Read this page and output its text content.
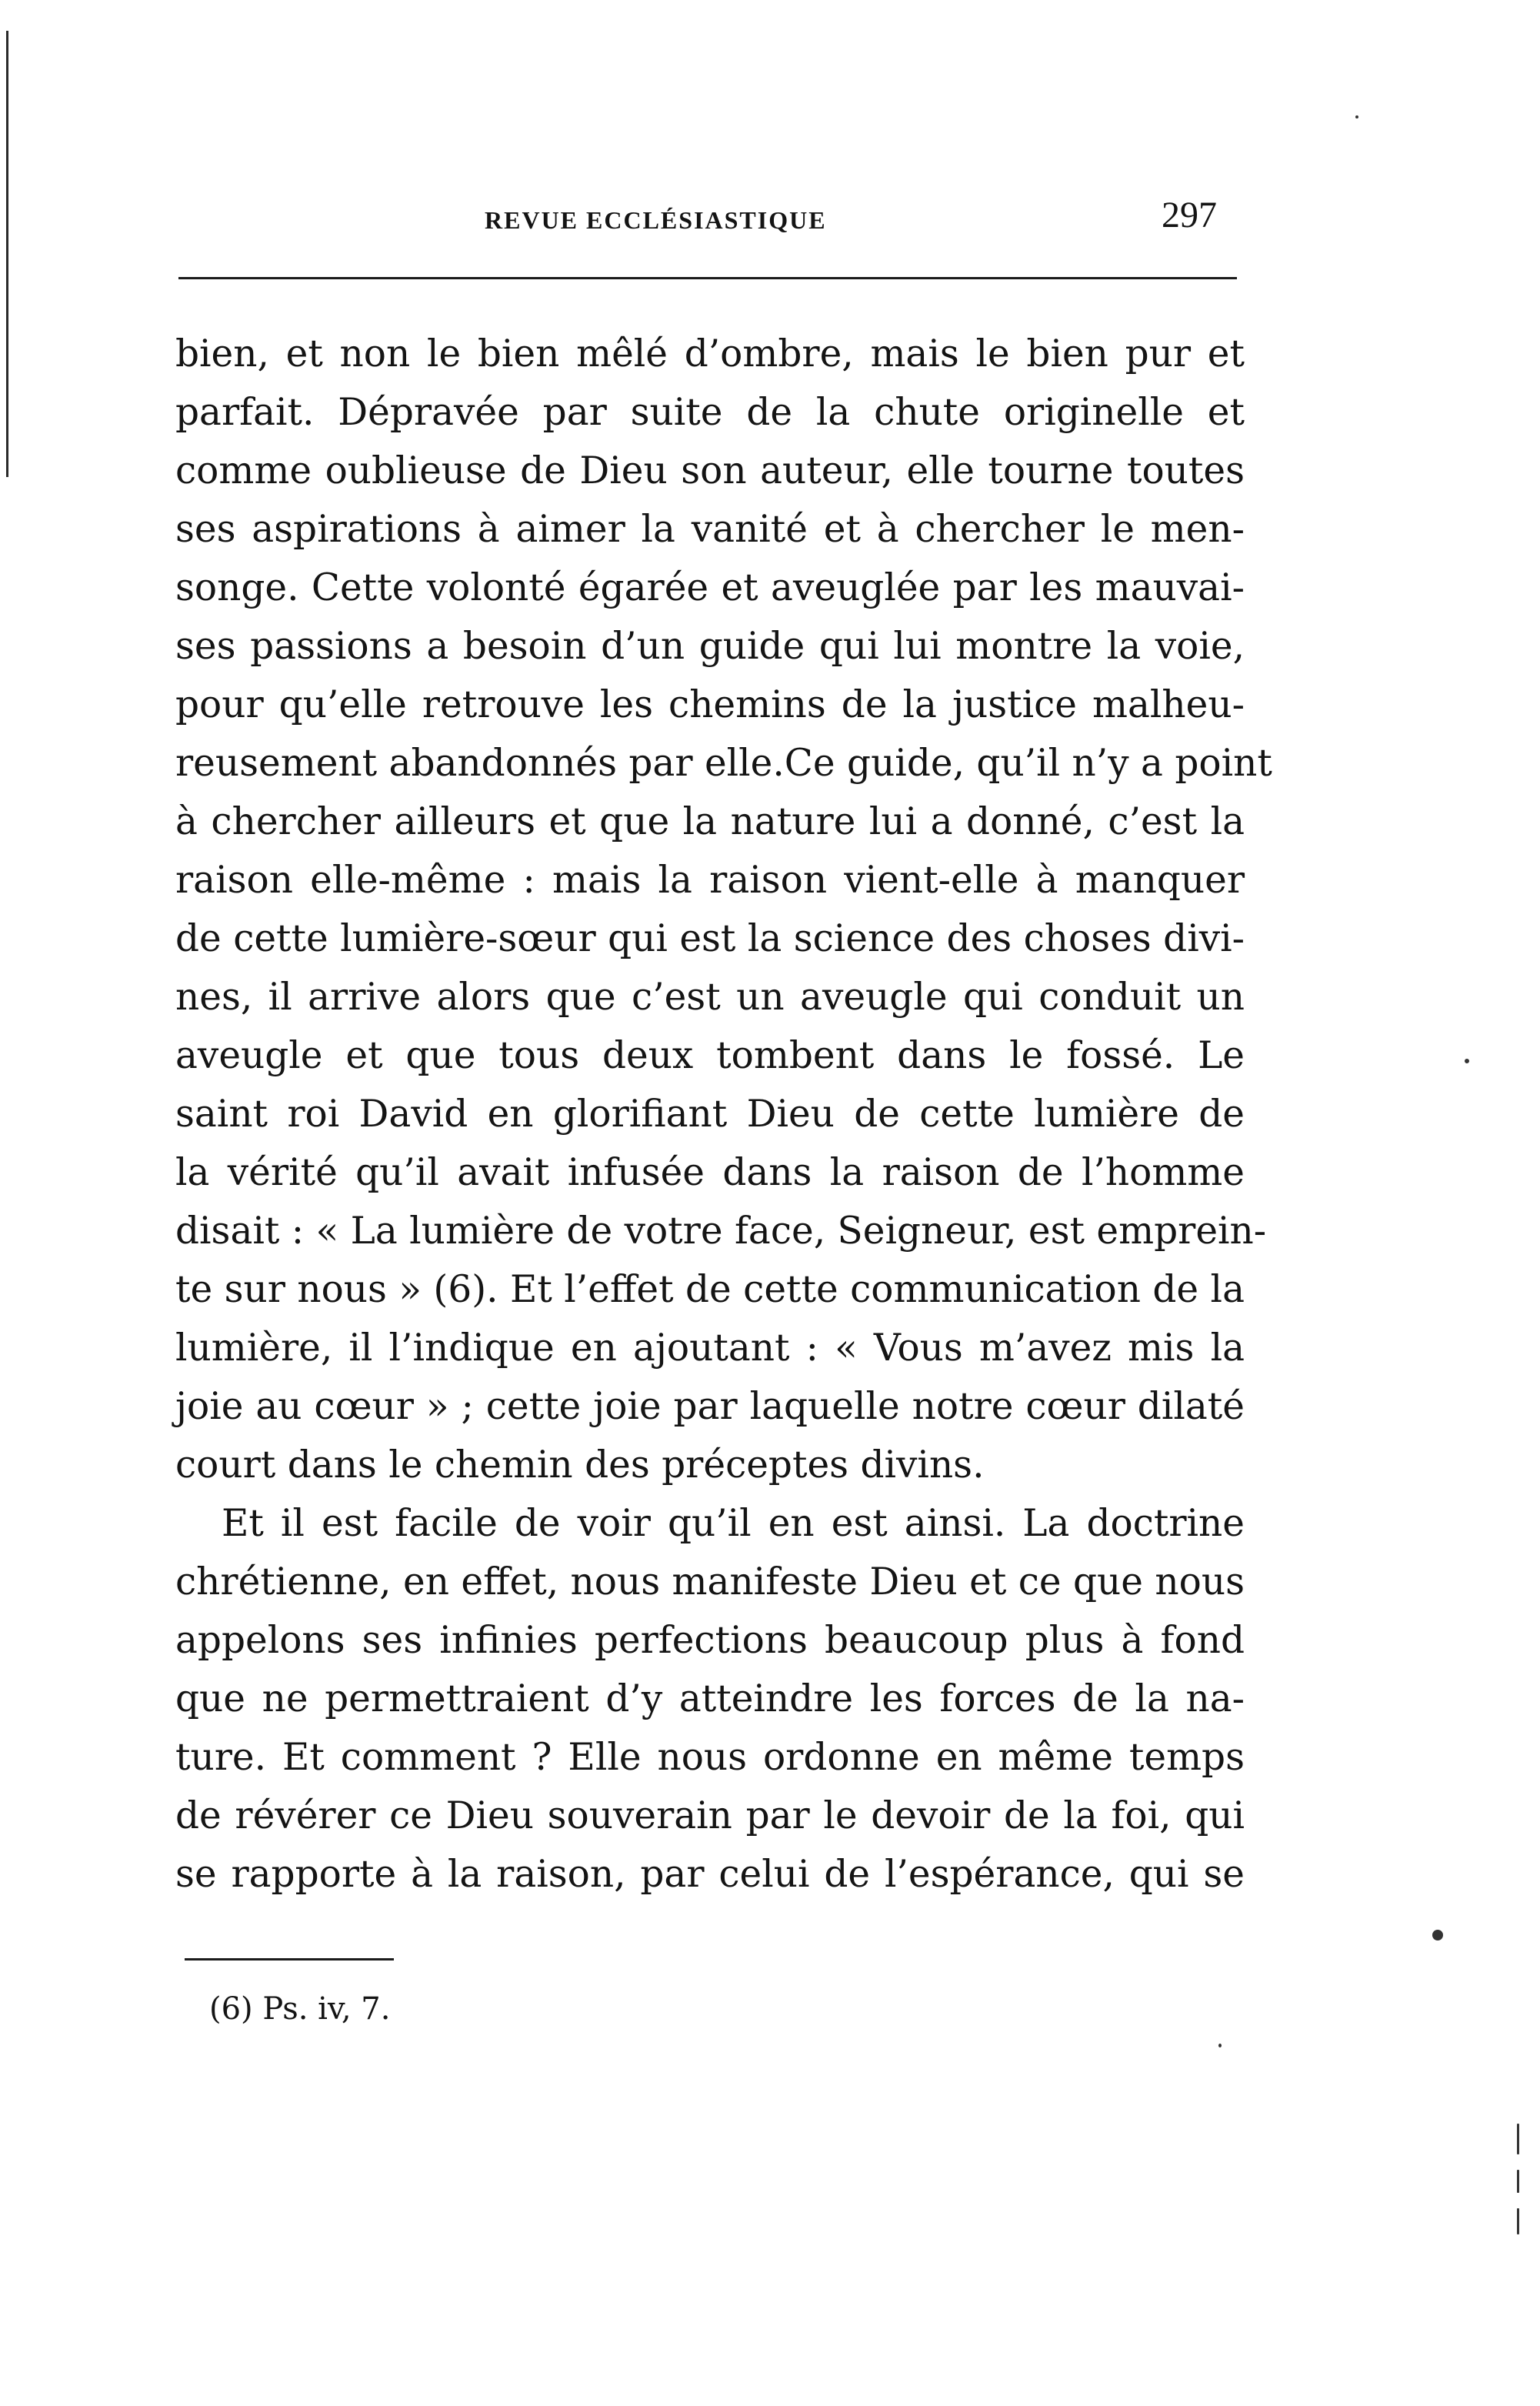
REVUE ECCLÉSIASTIQUE	297
bien, et non le bien mêlé d’ombre, mais le bien pur et
parfait. Dépravée par suite de la chute originelle et
comme oublieuse de Dieu son auteur, elle tourne toutes
ses aspirations à aimer la vanité et à chercher le men-
songe. Cette volonté égarée et aveuglée par les mauvai-
ses passions a besoin d’un guide qui lui montre la voie,
pour qu’elle retrouve les chemins de la justice malheu-
reusement abandonnés par elle.Ce guide, qu’il n’y a point
à chercher ailleurs et que la nature lui a donné, c’est la
raison elle-même : mais la raison vient-elle à manquer
de cette lumière-sœur qui est la science des choses divi-
nes, il arrive alors que c’est un aveugle qui conduit un
aveugle et que tous deux tombent dans le fossé. Le
saint roi David en glorifiant Dieu de cette lumière de
la vérité qu’il avait infusée dans la raison de l’homme
disait : « La lumière de votre face, Seigneur, est emprein-
te sur nous » (6). Et l’effet de cette communication de la
lumière, il l’indique en ajoutant : « Vous m’avez mis la
joie au cœur » ; cette joie par laquelle notre cœur dilaté
court dans le chemin des préceptes divins.
Et il est facile de voir qu’il en est ainsi. La doctrine
chrétienne, en effet, nous manifeste Dieu et ce que nous
appelons ses infinies perfections beaucoup plus à fond
que ne permettraient d’y atteindre les forces de la na-
ture. Et comment ? Elle nous ordonne en même temps
de révérer ce Dieu souverain par le devoir de la foi, qui
se rapporte à la raison, par celui de l’espérance, qui se
(6) Ps. iv, 7.
